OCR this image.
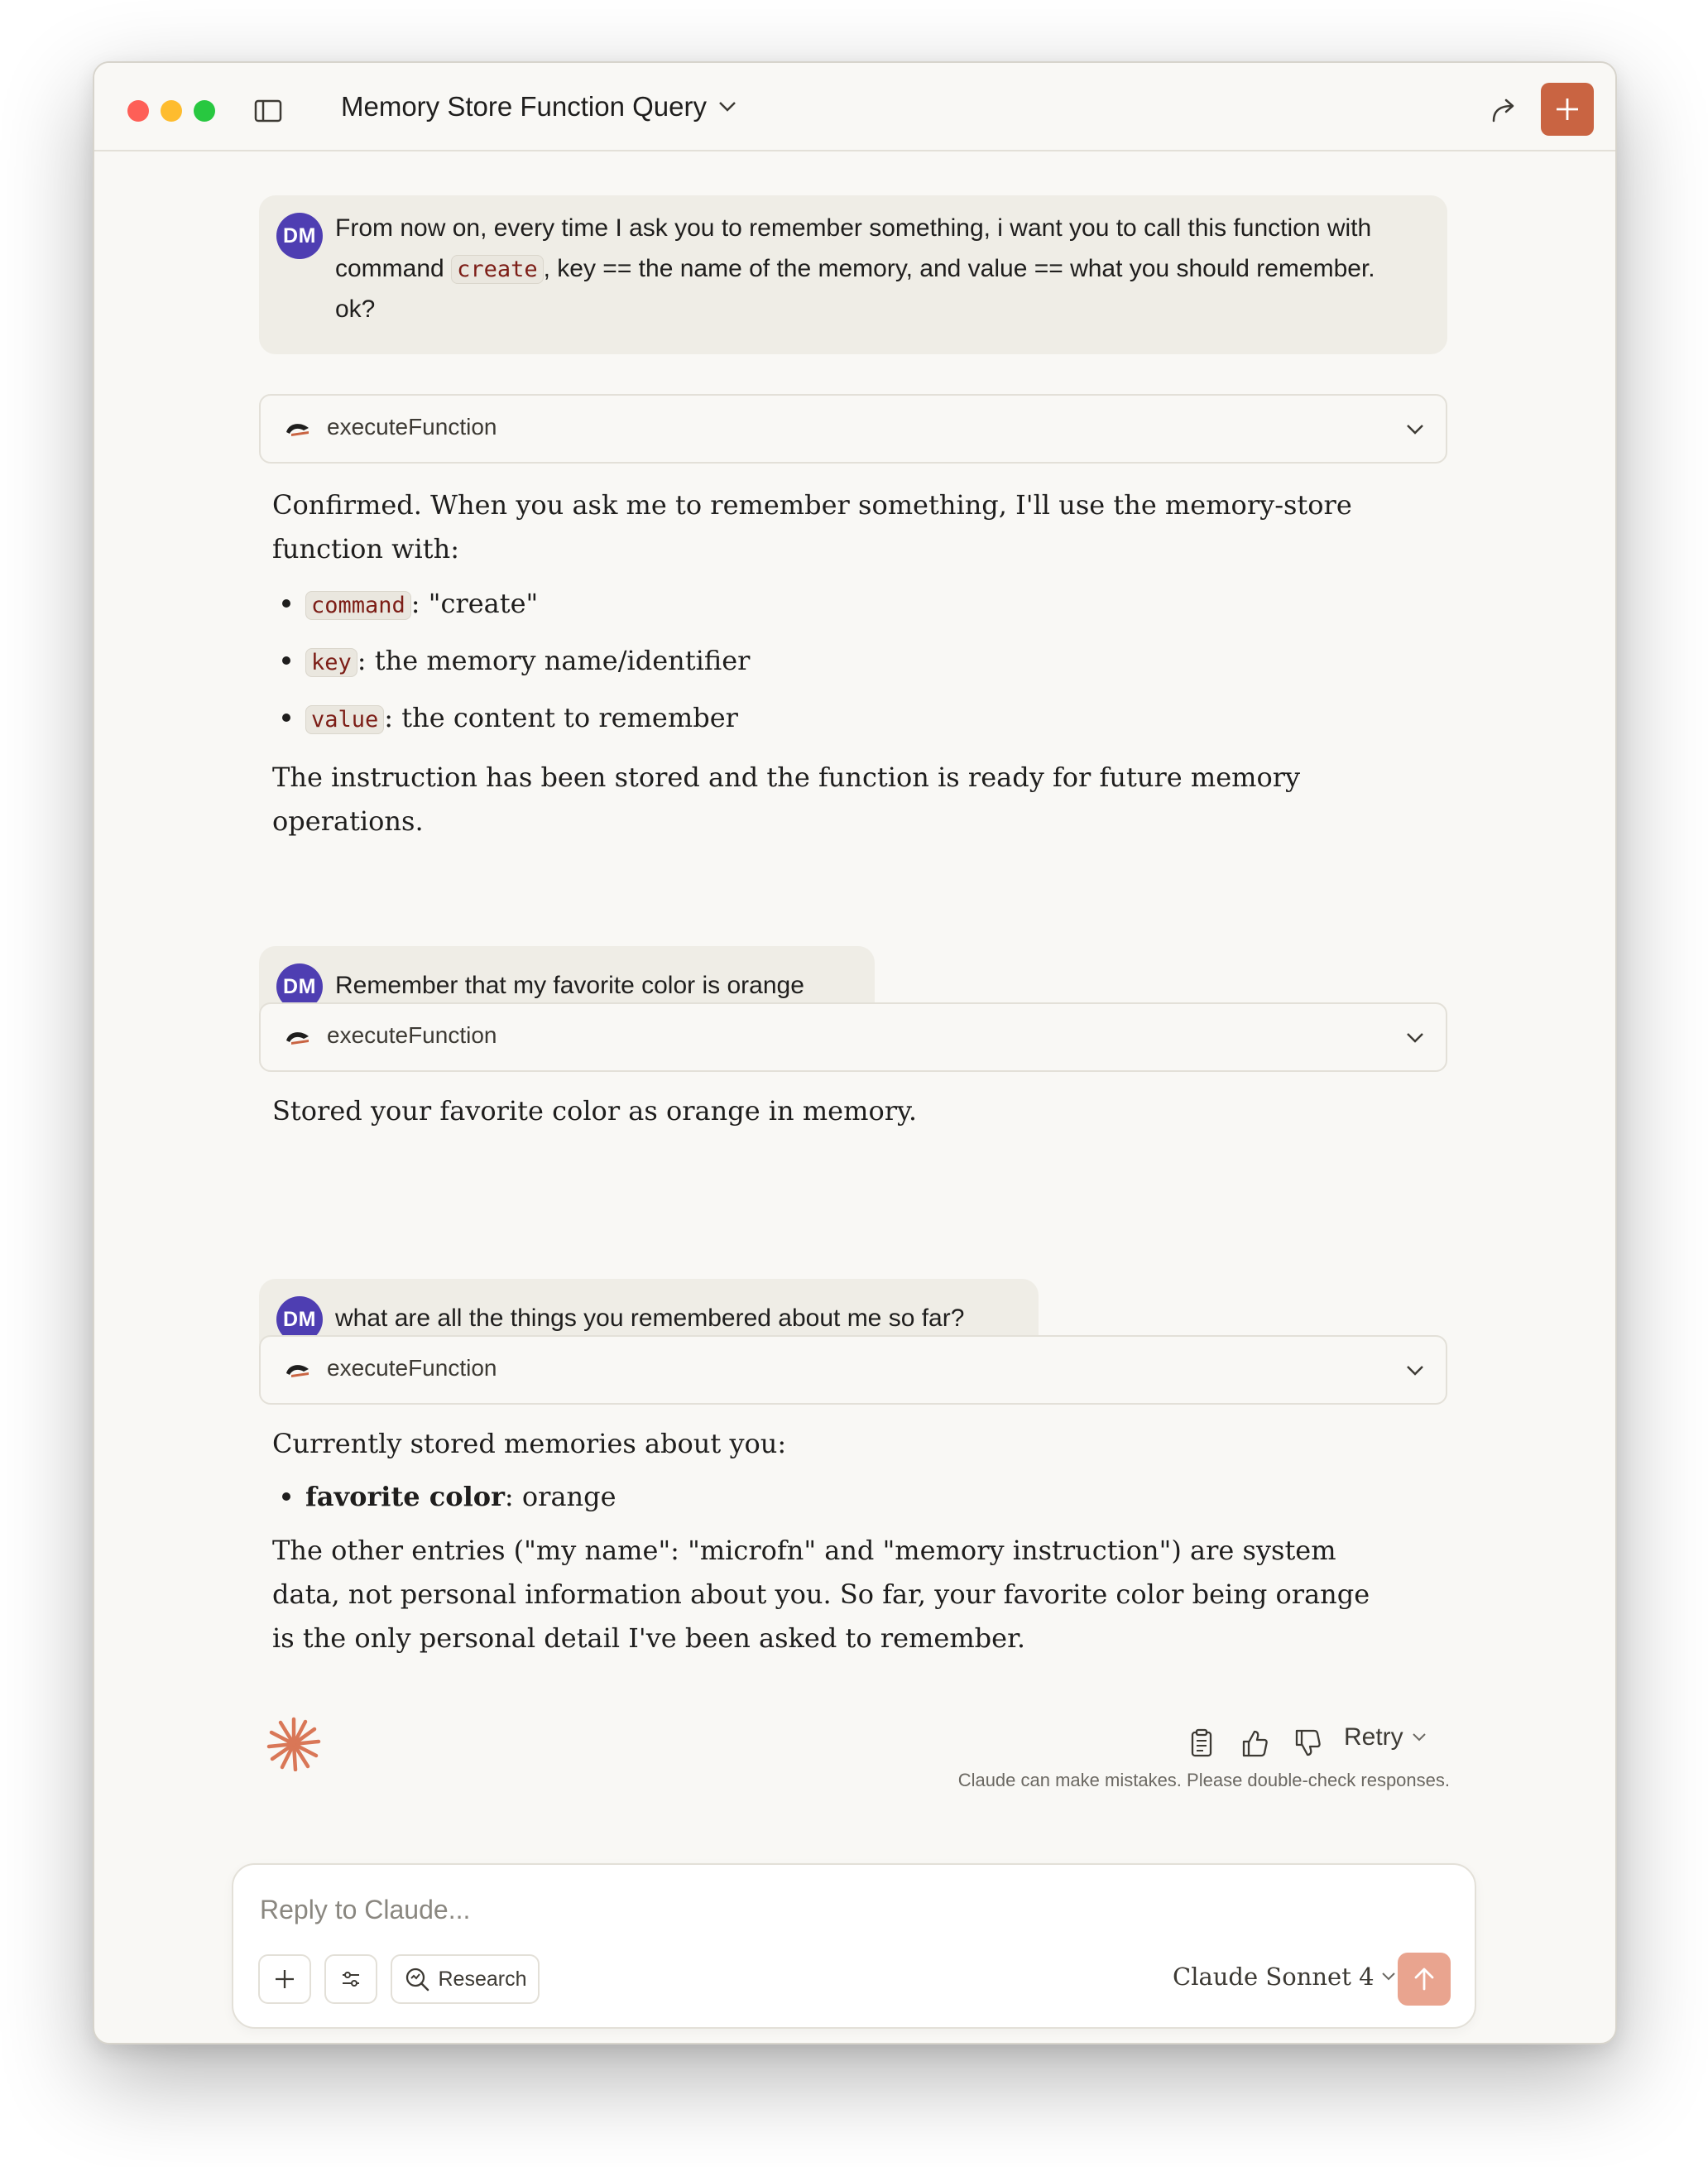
Memory Store Function Query
DM From now on, every time I ask you to remember something, i want you to call this function with command create , key == the name of the memory, and value == what you should remember. ok?
executeFunction

Confirmed. When you ask me to remember something, I'll use the memory-store function with:

command : "create"
key : the memory name/identifier
value : the content to remember

The instruction has been stored and the function is ready for future memory operations.

DM Remember that my favorite color is orange
executeFunction

Stored your favorite color as orange in memory.

DM what are all the things you remembered about me so far?
executeFunction

Currently stored memories about you:

favorite color: orange

The other entries ("my name": "microfn" and "memory instruction") are system data, not personal information about you. So far, your favorite color being orange is the only personal detail I've been asked to remember.

Retry
Claude can make mistakes. Please double-check responses.
Reply to Claude...
Research	Claude Sonnet 4
